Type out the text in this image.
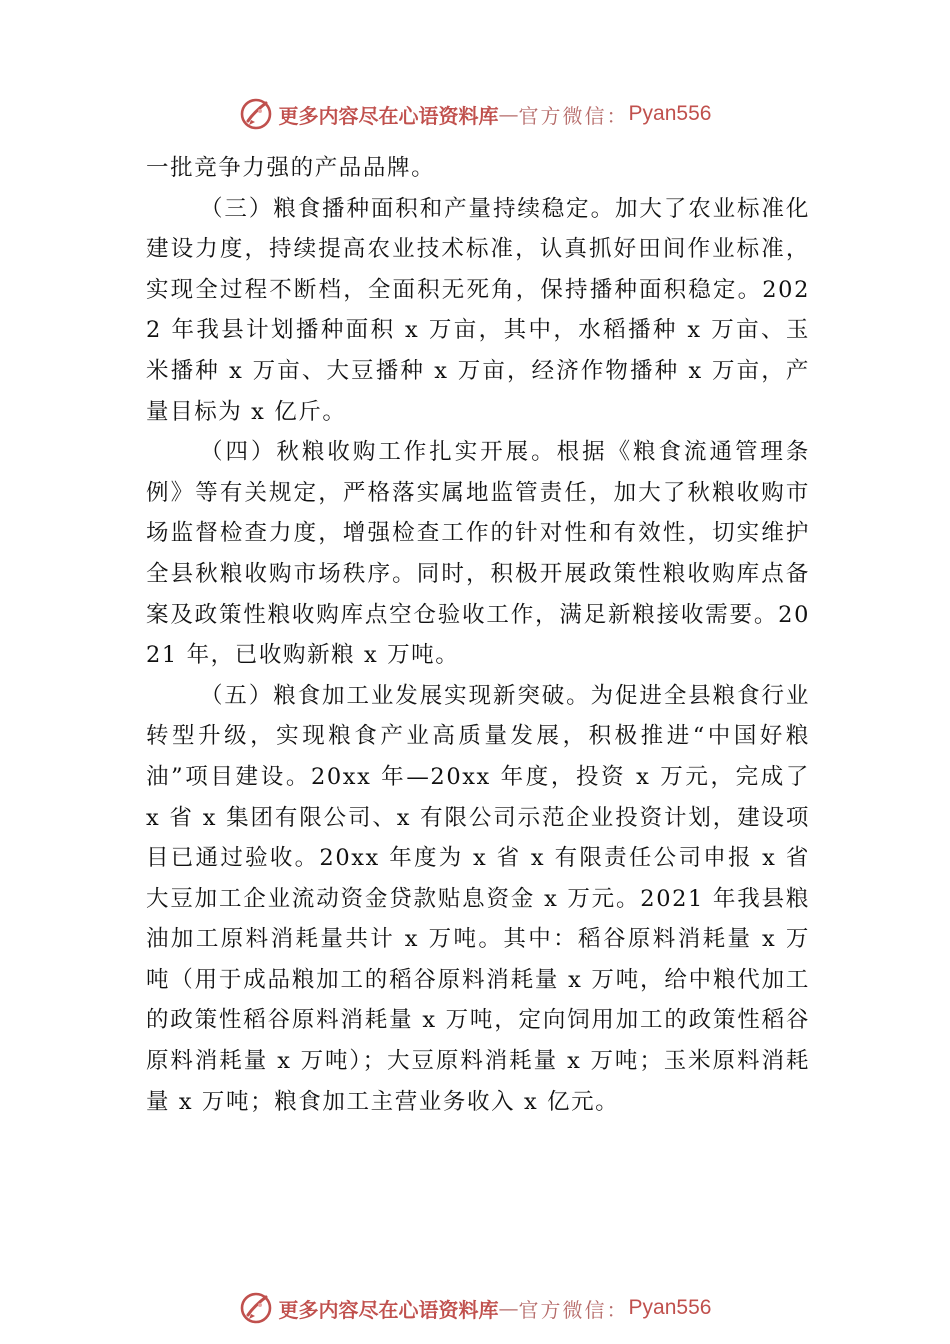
更多内容尽在心语资料库 — 官方微信： Pyan556

一批竞争力强的产品品牌。

（三）粮食播种面积和产量持续稳定。加大了农业标准化建设力度，持续提高农业技术标准，认真抓好田间作业标准，实现全过程不断档，全面积无死角，保持播种面积稳定。2022 年我县计划播种面积 x 万亩，其中，水稻播种 x 万亩、玉米播种 x 万亩、大豆播种 x 万亩，经济作物播种 x 万亩，产量目标为 x 亿斤。

（四）秋粮收购工作扎实开展。根据《粮食流通管理条例》等有关规定，严格落实属地监管责任，加大了秋粮收购市场监督检查力度，增强检查工作的针对性和有效性，切实维护全县秋粮收购市场秩序。同时，积极开展政策性粮收购库点备案及政策性粮收购库点空仓验收工作，满足新粮接收需要。2021 年，已收购新粮 x 万吨。

（五）粮食加工业发展实现新突破。为促进全县粮食行业转型升级，实现粮食产业高质量发展，积极推进“中国好粮油”项目建设。20xx 年—20xx 年度，投资 x 万元，完成了 x 省 x 集团有限公司、x 有限公司示范企业投资计划，建设项目已通过验收。20xx 年度为 x 省 x 有限责任公司申报 x 省大豆加工企业流动资金贷款贴息资金 x 万元。2021 年我县粮油加工原料消耗量共计 x 万吨。其中：稻谷原料消耗量 x 万吨（用于成品粮加工的稻谷原料消耗量 x 万吨，给中粮代加工的政策性稻谷原料消耗量 x 万吨，定向饲用加工的政策性稻谷原料消耗量 x 万吨）；大豆原料消耗量 x 万吨；玉米原料消耗量 x 万吨；粮食加工主营业务收入 x 亿元。

更多内容尽在心语资料库 — 官方微信： Pyan556
